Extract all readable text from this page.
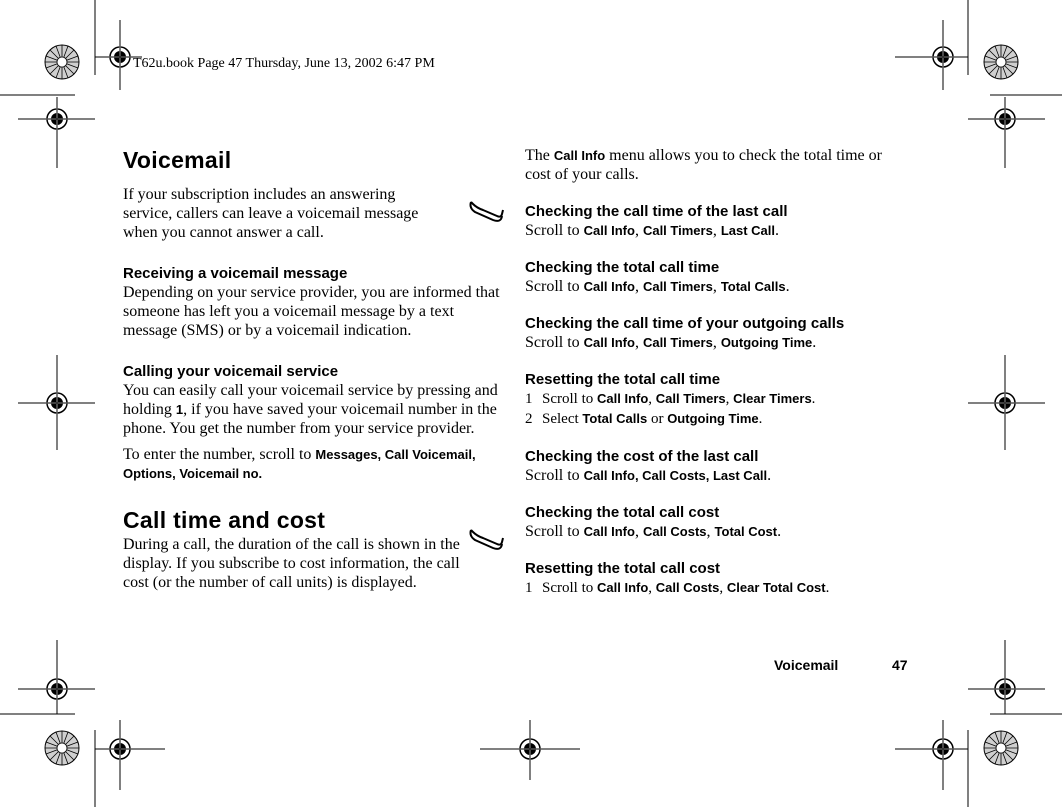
T62u.book Page 47 Thursday, June 13, 2002 6:47 PM
Voicemail

If your subscription includes an answering service, callers can leave a voicemail message when you cannot answer a call.

Receiving a voicemail message

Depending on your service provider, you are informed that someone has left you a voicemail message by a text message (SMS) or by a voicemail indication.

Calling your voicemail service

You can easily call your voicemail service by pressing and holding 1, if you have saved your voicemail number in the phone. You get the number from your service provider.

To enter the number, scroll to Messages, Call Voicemail, Options, Voicemail no.

Call time and cost

During a call, the duration of the call is shown in the display. If you subscribe to cost information, the call cost (or the number of call units) is displayed.

The Call Info menu allows you to check the total time or cost of your calls.

Checking the call time of the last call

Scroll to Call Info, Call Timers, Last Call.

Checking the total call time

Scroll to Call Info, Call Timers, Total Calls.

Checking the call time of your outgoing calls

Scroll to Call Info, Call Timers, Outgoing Time.

Resetting the total call time

1 Scroll to Call Info, Call Timers, Clear Timers.

2 Select Total Calls or Outgoing Time.

Checking the cost of the last call

Scroll to Call Info, Call Costs, Last Call.

Checking the total call cost

Scroll to Call Info, Call Costs, Total Cost.

Resetting the total call cost

1 Scroll to Call Info, Call Costs, Clear Total Cost.

Voicemail	47
